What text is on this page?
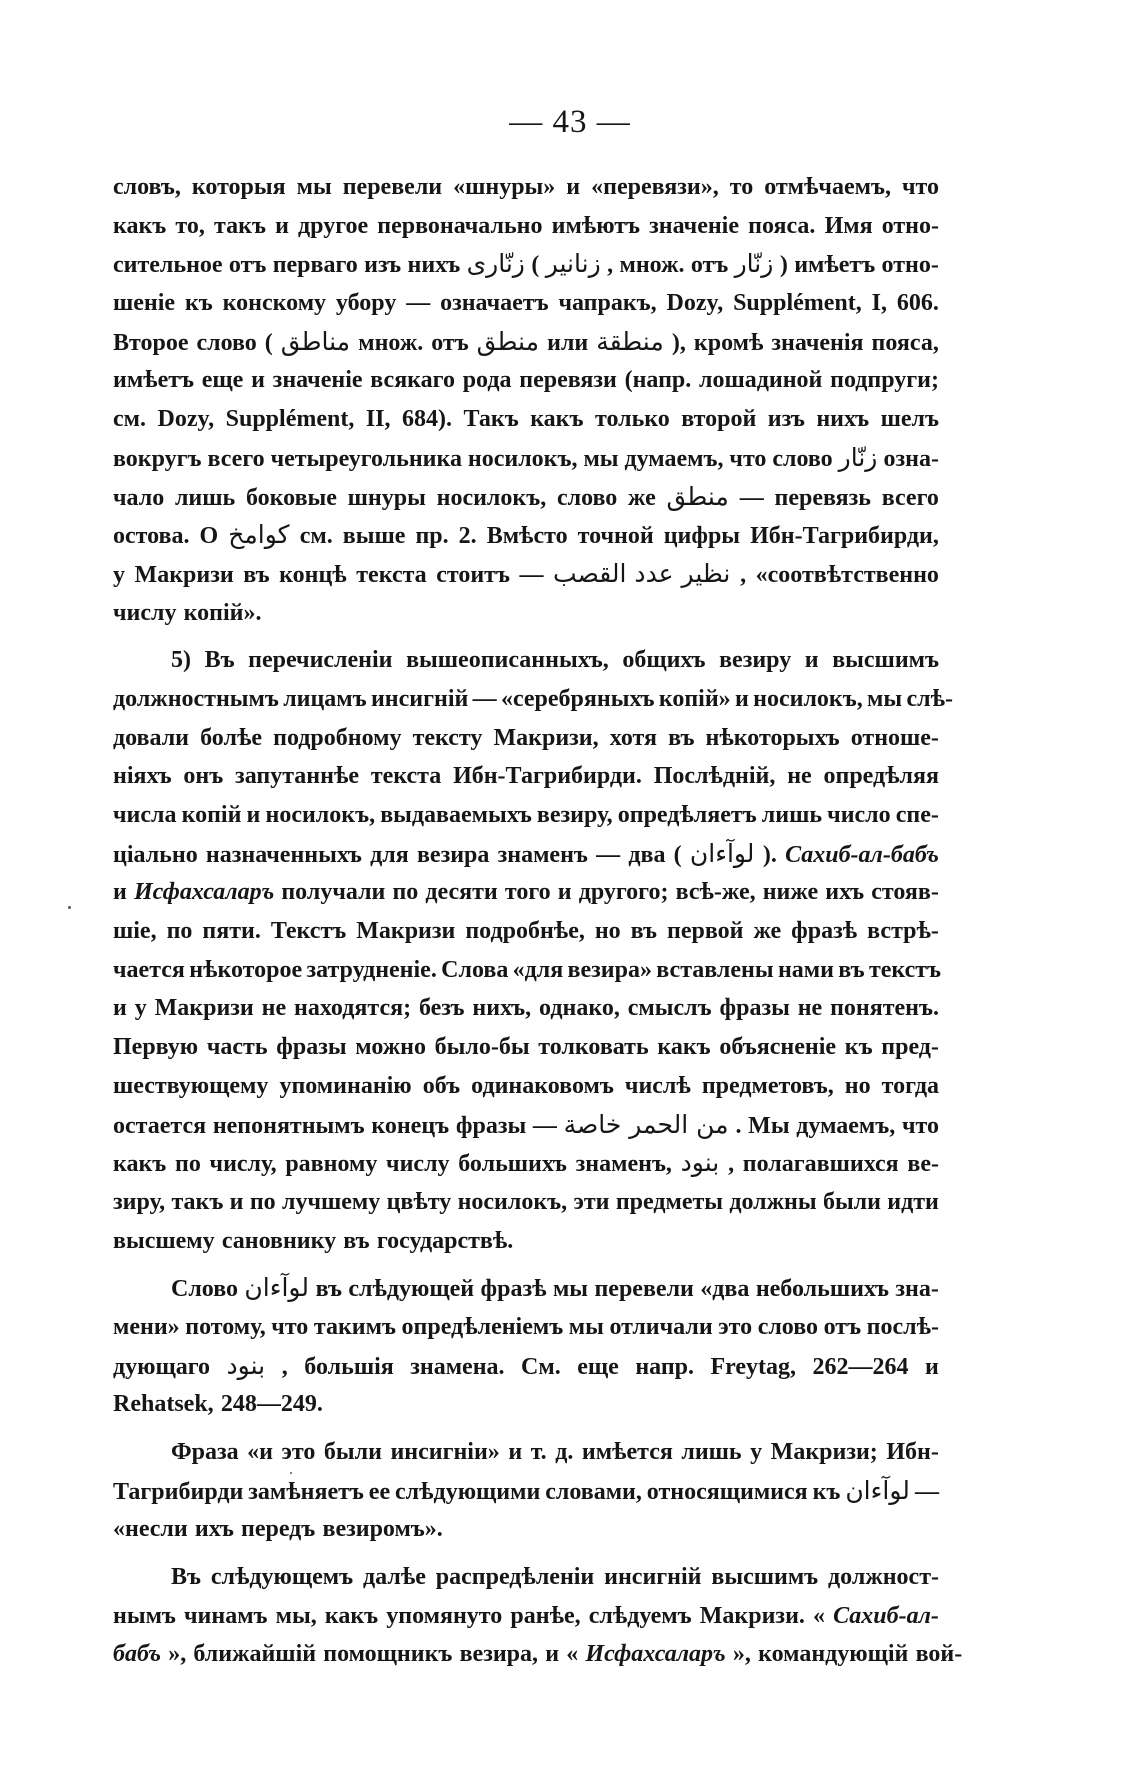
— 43 —
словъ, которыя мы перевели «шнуры» и «перевязи», то отмѣчаемъ, что
какъ то, такъ и другое первоначально имѣютъ значеніе пояса. Имя отно-
сительное отъ перваго изъ нихъ زنّارى ( زنانير , множ. отъ زنّار ) имѣетъ отно-
шеніе къ конскому убору — означаетъ чапракъ, Dozy, Supplément, I, 606.
Второе слово ( مناطق множ. отъ منطق или منطقة ), кромѣ значенія пояса,
имѣетъ еще и значеніе всякаго рода перевязи (напр. лошадиной подпруги;
см. Dozy, Supplément, II, 684). Такъ какъ только второй изъ нихъ шелъ
вокругъ всего четыреугольника носилокъ, мы думаемъ, что слово زنّار озна-
чало лишь боковые шнуры носилокъ, слово же منطق — перевязь всего
остова. О كوامخ см. выше пр. 2. Вмѣсто точной цифры Ибн-Тагрибирди,
у Макризи въ концѣ текста стоитъ — نظير عدد القصب , «соотвѣтственно
числу копій».
5) Въ перечисленіи вышеописанныхъ, общихъ везиру и высшимъ
должностнымъ лицамъ инсигній — «серебряныхъ копій» и носилокъ, мы слѣ-
довали болѣе подробному тексту Макризи, хотя въ нѣкоторыхъ отноше-
ніяхъ онъ запутаннѣе текста Ибн-Тагрибирди. Послѣдній, не опредѣляя
числа копій и носилокъ, выдаваемыхъ везиру, опредѣляетъ лишь число спе-
ціально назначенныхъ для везира знаменъ — два ( لوآءان ). Сахиб-ал-бабъ
и Исфахсаларъ получали по десяти того и другого; всѣ-же, ниже ихъ стояв-
шіе, по пяти. Текстъ Макризи подробнѣе, но въ первой же фразѣ встрѣ-
чается нѣкоторое затрудненіе. Слова «для везира» вставлены нами въ текстъ
и у Макризи не находятся; безъ нихъ, однако, смыслъ фразы не понятенъ.
Первую часть фразы можно было-бы толковать какъ объясненіе къ пред-
шествующему упоминанію объ одинаковомъ числѣ предметовъ, но тогда
остается непонятнымъ конецъ фразы — من الحمر خاصة . Мы думаемъ, что
какъ по числу, равному числу большихъ знаменъ, بنود , полагавшихся ве-
зиру, такъ и по лучшему цвѣту носилокъ, эти предметы должны были идти
высшему сановнику въ государствѣ.
Слово لوآءان въ слѣдующей фразѣ мы перевели «два небольшихъ зна-
мени» потому, что такимъ опредѣленіемъ мы отличали это слово отъ послѣ-
дующаго بنود , большія знамена. См. еще напр. Freytag, 262—264 и
Rehatsek, 248—249.
Фраза «и это были инсигніи» и т. д. имѣется лишь у Макризи; Ибн-
Тагрибирди замѣняетъ ее слѣдующими словами, относящимися къ لوآءان —
«несли ихъ передъ везиромъ».
Въ слѣдующемъ далѣе распредѣленіи инсигній высшимъ должност-
нымъ чинамъ мы, какъ упомянуто ранѣе, слѣдуемъ Макризи. « Сахиб-ал-
бабъ », ближайшій помощникъ везира, и « Исфахсаларъ », командующій вой-
